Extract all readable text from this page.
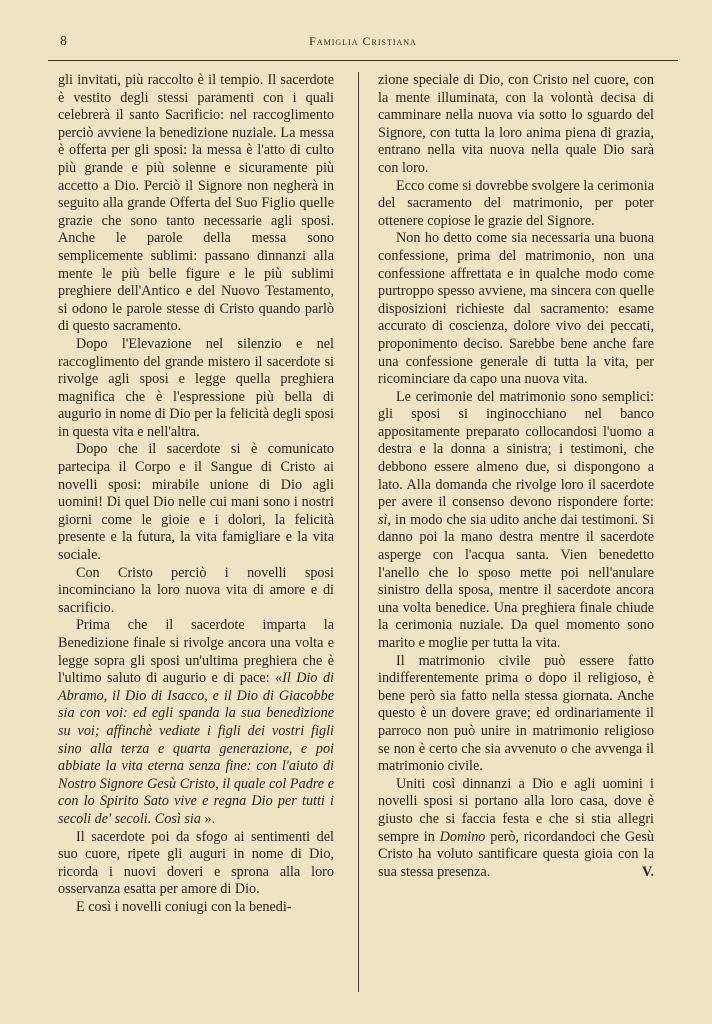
8	Famiglia Cristiana

gli invitati, più raccolto è il tempio. Il sacerdote è vestito degli stessi paramenti con i quali celebrerà il santo Sacrificio: nel raccoglimento perciò avviene la benedizione nuziale. La messa è offerta per gli sposi: la messa è l'atto di culto più grande e più solenne e sicuramente più accetto a Dio. Perciò il Signore non negherà in seguito alla grande Offerta del Suo Figlio quelle grazie che sono tanto necessarie agli sposi. Anche le parole della messa sono semplicemente sublimi: passano dinnanzi alla mente le più belle figure e le più sublimi preghiere dell'Antico e del Nuovo Testamento, si odono le parole stesse di Cristo quando parlò di questo sacramento.

Dopo l'Elevazione nel silenzio e nel raccoglimento del grande mistero il sacerdote si rivolge agli sposi e legge quella preghiera magnifica che è l'espressione più bella di augurio in nome di Dio per la felicità degli sposi in questa vita e nell'altra.

Dopo che il sacerdote si è comunicato partecipa il Corpo e il Sangue di Cristo ai novelli sposi: mirabile unione di Dio agli uomini! Di quel Dio nelle cui mani sono i nostri giorni come le gioie e i dolori, la felicità presente e la futura, la vita famigliare e la vita sociale.

Con Cristo perciò i novelli sposi incominciano la loro nuova vita di amore e di sacrificio.

Prima che il sacerdote imparta la Benedizione finale si rivolge ancora una volta e legge sopra gli sposi un'ultima preghiera che è l'ultimo saluto di augurio e di pace: «Il Dio di Abramo, il Dio di Isacco, e il Dio di Giacobbe sia con voi: ed egli spanda la sua benedizione su voi; affinchè vediate i figli dei vostri figli sino alla terza e quarta generazione, e poi abbiate la vita eterna senza fine: con l'aiuto di Nostro Signore Gesù Cristo, il quale col Padre e con lo Spirito Sato vive e regna Dio per tutti i secoli de' secoli. Così sia ».

Il sacerdote poi da sfogo ai sentimenti del suo cuore, ripete gli auguri in nome di Dio, ricorda i nuovi doveri e sprona alla loro osservanza esatta per amore di Dio.

E così i novelli coniugi con la benedi-

zione speciale di Dio, con Cristo nel cuore, con la mente illuminata, con la volontà decisa di camminare nella nuova via sotto lo sguardo del Signore, con tutta la loro anima piena di grazia, entrano nella vita nuova nella quale Dio sarà con loro.

Ecco come si dovrebbe svolgere la cerimonia del sacramento del matrimonio, per poter ottenere copiose le grazie del Signore.

Non ho detto come sia necessaria una buona confessione, prima del matrimonio, non una confessione affrettata e in qualche modo come purtroppo spesso avviene, ma sincera con quelle disposizioni richieste dal sacramento: esame accurato di coscienza, dolore vivo dei peccati, proponimento deciso. Sarebbe bene anche fare una confessione generale di tutta la vita, per ricominciare da capo una nuova vita.

Le cerimonie del matrimonio sono semplici: gli sposi si inginocchiano nel banco appositamente preparato collocandosi l'uomo a destra e la donna a sinistra; i testimoni, che debbono essere almeno due, si dispongono a lato. Alla domanda che rivolge loro il sacerdote per avere il consenso devono rispondere forte: sì, in modo che sia udito anche dai testimoni. Si danno poi la mano destra mentre il sacerdote asperge con l'acqua santa. Vien benedetto l'anello che lo sposo mette poi nell'anulare sinistro della sposa, mentre il sacerdote ancora una volta benedice. Una preghiera finale chiude la cerimonia nuziale. Da quel momento sono marito e moglie per tutta la vita.

Il matrimonio civile può essere fatto indifferentemente prima o dopo il religioso, è bene però sia fatto nella stessa giornata. Anche questo è un dovere grave; ed ordinariamente il parroco non può unire in matrimonio religioso se non è certo che sia avvenuto o che avvenga il matrimonio civile.

Uniti così dinnanzi a Dio e agli uomini i novelli sposi si portano alla loro casa, dove è giusto che si faccia festa e che si stia allegri sempre in Domino però, ricordandoci che Gesù Cristo ha voluto santificare questa gioia con la sua stessa presenza.	V.
